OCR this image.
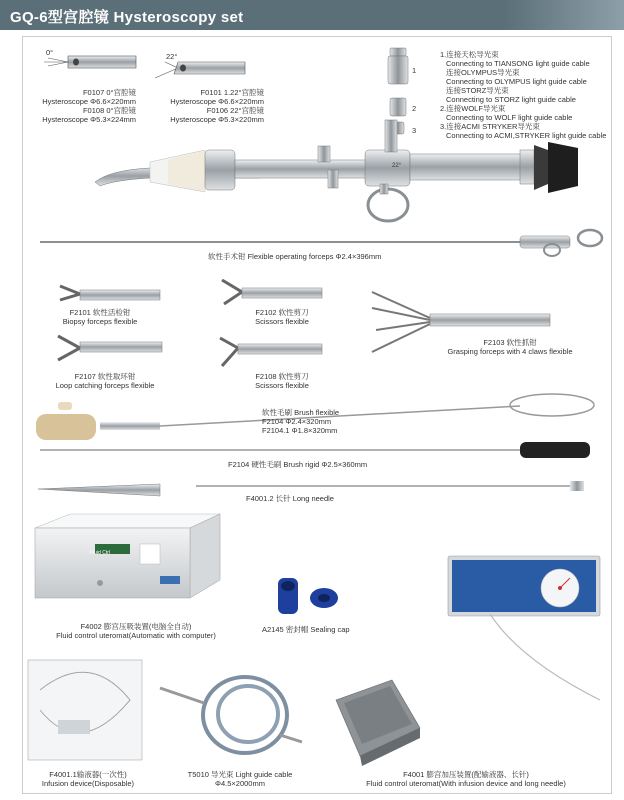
GQ-6型宫腔镜 Hysteroscopy set
0°	22°
F0107 0°宫腔镜
Hysteroscope Φ6.6×220mm
F0108 0°宫腔镜
Hysteroscope Φ5.3×224mm
F0101 1.22°宫腔镜
Hysteroscope Φ6.6×220mm
F0106 22°宫腔镜
Hysteroscope Φ5.3×220mm
1
2
3
1.连接天松导光束
Connecting to TIANSONG light guide cable
连接OLYMPUS导光束
Connecting to OLYMPUS light guide cable
连接STORZ导光束
Connecting to STORZ light guide cable
2.连接WOLF导光束
Connecting to WOLF light guide cable
3.连接ACMI STRYKER导光束
Connecting to ACMI,STRYKER light guide cable
22°
软性手术钳 Flexible operating forceps Φ2.4×396mm
F2101 软性活检钳
Biopsy forceps flexible
F2102 软性剪刀
Scissors flexible
F2103 软性抓钳
Grasping forceps with 4 claws flexible
F2107 软性取环钳
Loop catching forceps flexible
F2108 软性剪刀
Scissors flexible
软性毛刷 Brush flexible
F2104 Φ2.4×320mm
F2104.1 Φ1.8×320mm
F2104 硬性毛刷 Brush rigid Φ2.5×360mm
F4001.2 长针 Long needle
Fluid Ctrl
F4002 膨宫压吸装置(电脑全自动)
Fluid control uteromat(Automatic with computer)
A2145 密封帽 Sealing cap
F4001 膨宫加压装置(配输液器、长针)
Fluid control uteromat(With infusion device and long needle)
F4001.1输液器(一次性)
Infusion device(Disposable)
T5010 导光束 Light guide cable
Φ4.5×2000mm
